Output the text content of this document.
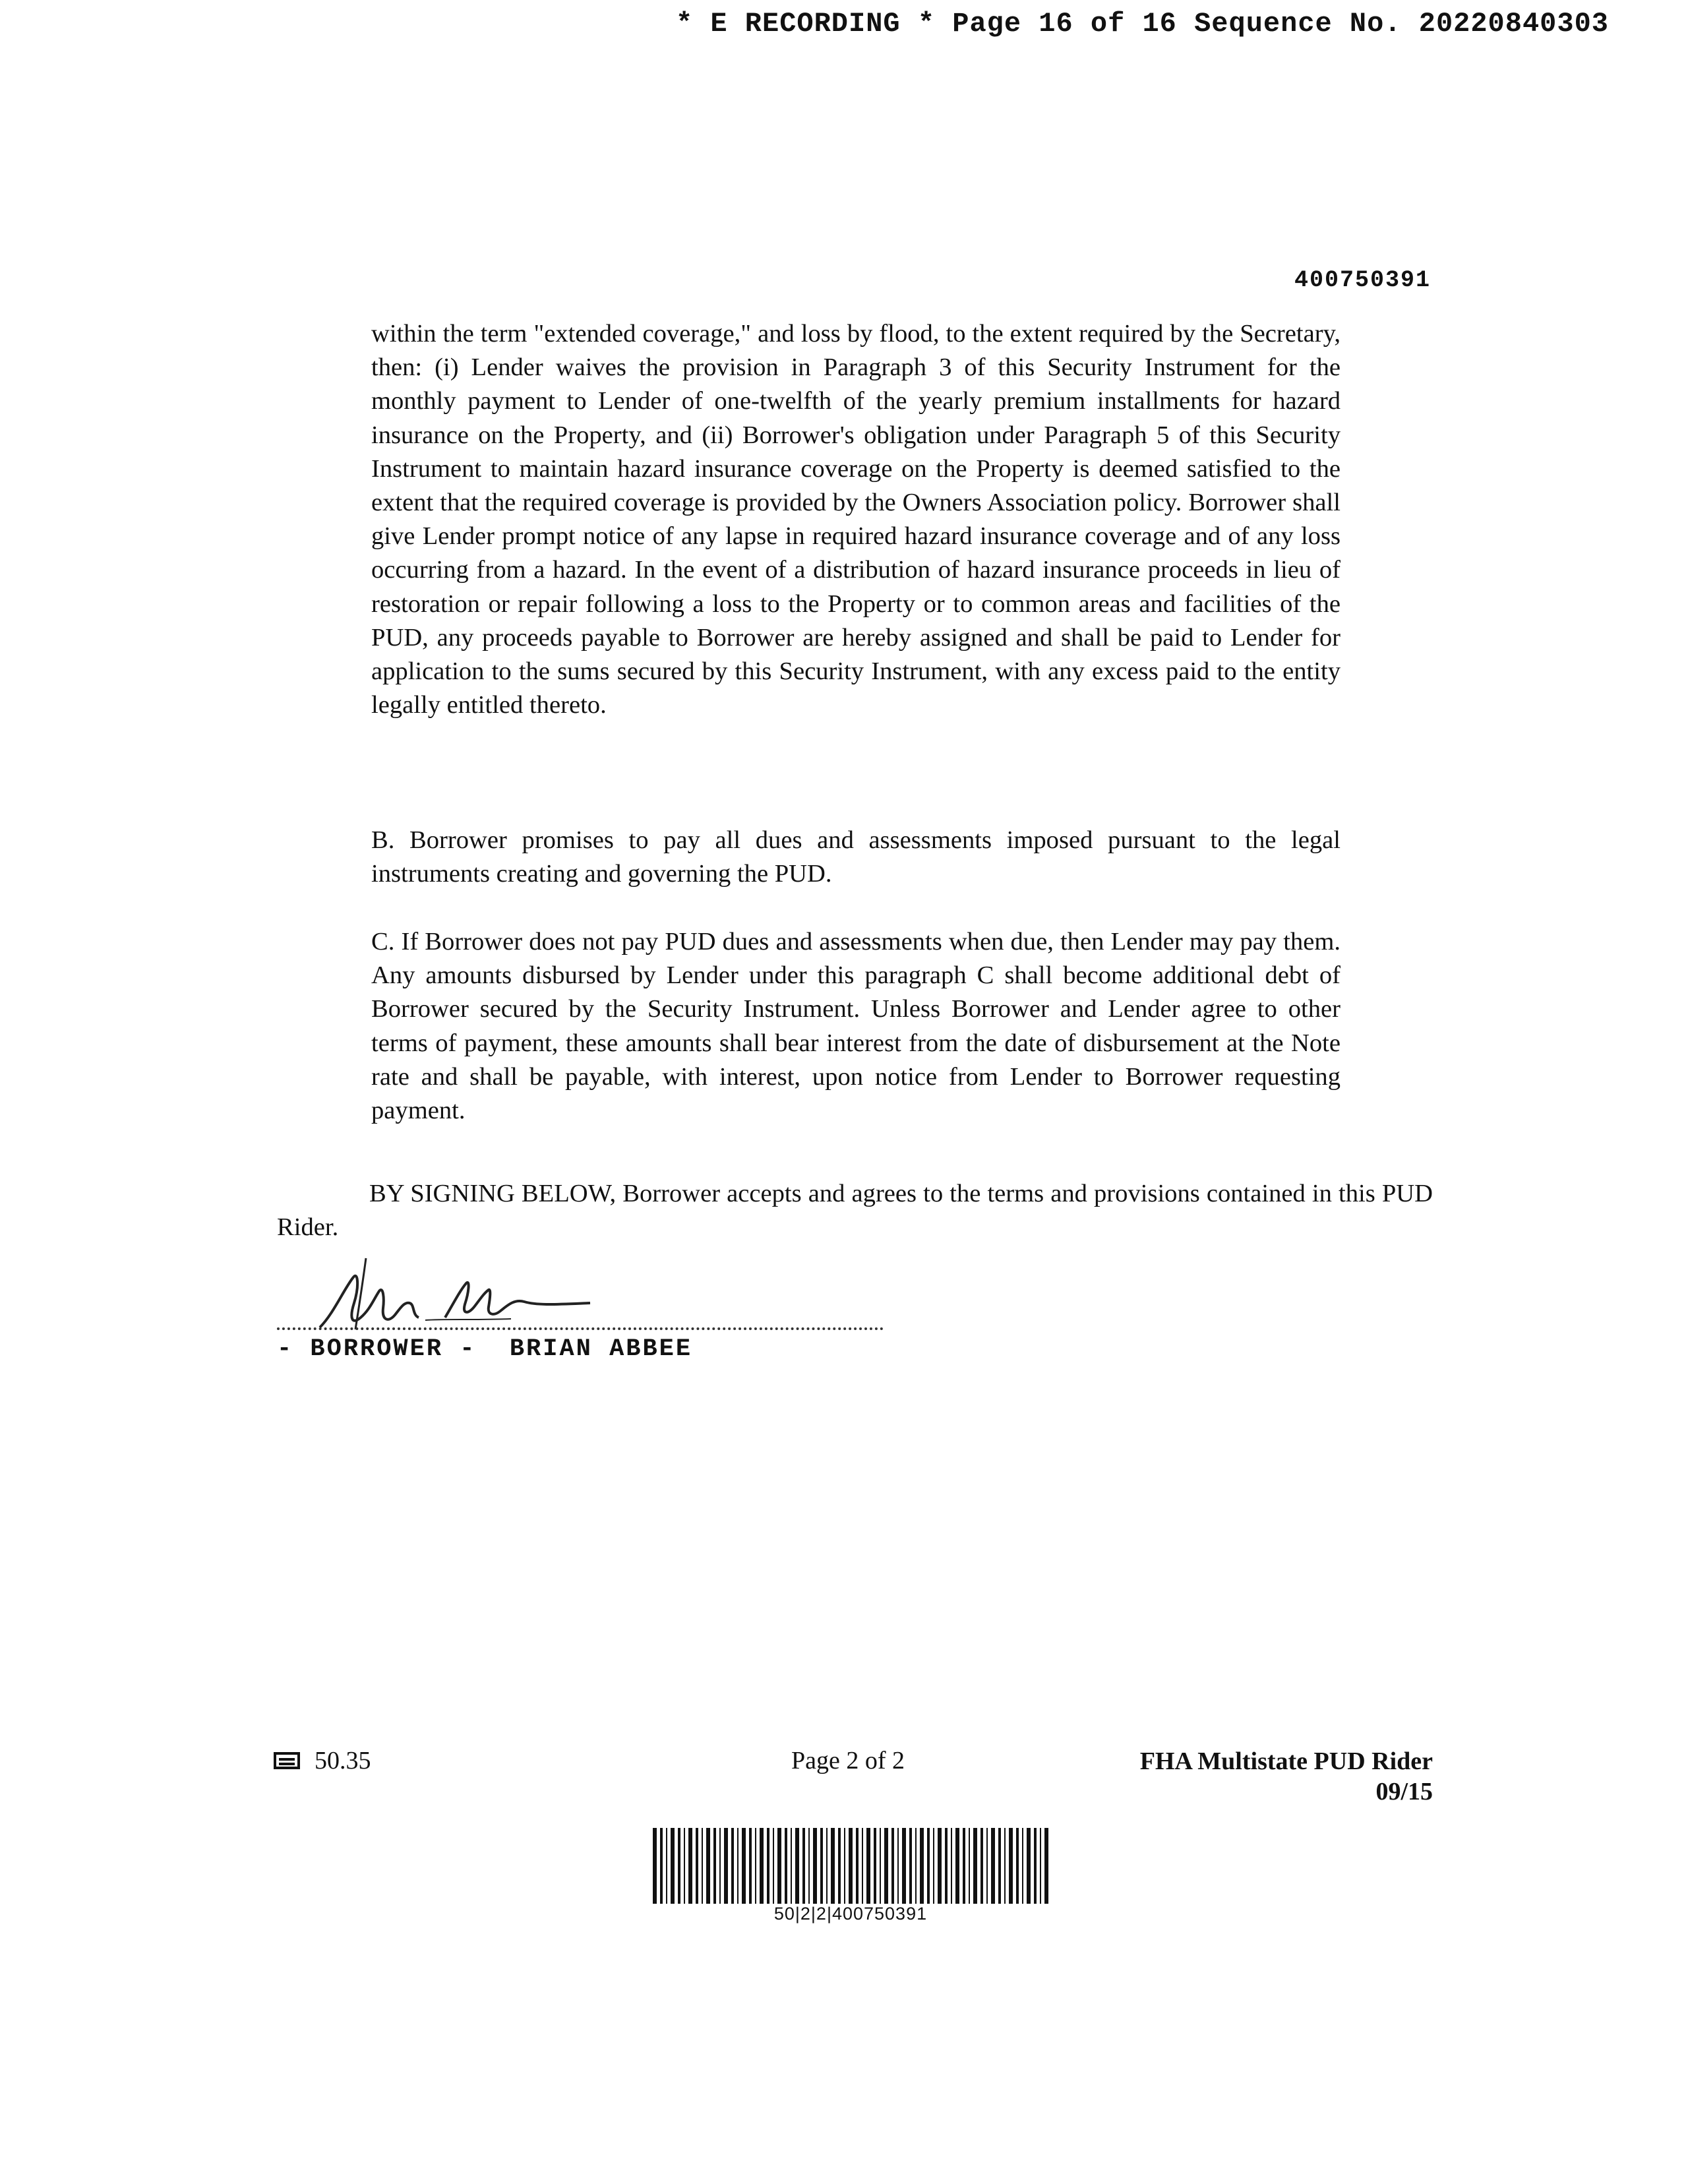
* E RECORDING * Page 16 of 16 Sequence No. 20220840303
400750391

within the term "extended coverage," and loss by flood, to the extent required by the Secretary, then: (i) Lender waives the provision in Paragraph 3 of this Security Instrument for the monthly payment to Lender of one-twelfth of the yearly premium installments for hazard insurance on the Property, and (ii) Borrower's obligation under Paragraph 5 of this Security Instrument to maintain hazard insurance coverage on the Property is deemed satisfied to the extent that the required coverage is provided by the Owners Association policy. Borrower shall give Lender prompt notice of any lapse in required hazard insurance coverage and of any loss occurring from a hazard. In the event of a distribution of hazard insurance proceeds in lieu of restoration or repair following a loss to the Property or to common areas and facilities of the PUD, any proceeds payable to Borrower are hereby assigned and shall be paid to Lender for application to the sums secured by this Security Instrument, with any excess paid to the entity legally entitled thereto.

B. Borrower promises to pay all dues and assessments imposed pursuant to the legal instruments creating and governing the PUD.

C. If Borrower does not pay PUD dues and assessments when due, then Lender may pay them. Any amounts disbursed by Lender under this paragraph C shall become additional debt of Borrower secured by the Security Instrument. Unless Borrower and Lender agree to other terms of payment, these amounts shall bear interest from the date of disbursement at the Note rate and shall be payable, with interest, upon notice from Lender to Borrower requesting payment.

BY SIGNING BELOW, Borrower accepts and agrees to the terms and provisions contained in this PUD Rider.

- BORROWER -  BRIAN ABBEE
50.35	Page 2 of 2	FHA Multistate PUD Rider
09/15
50|2|2|400750391
